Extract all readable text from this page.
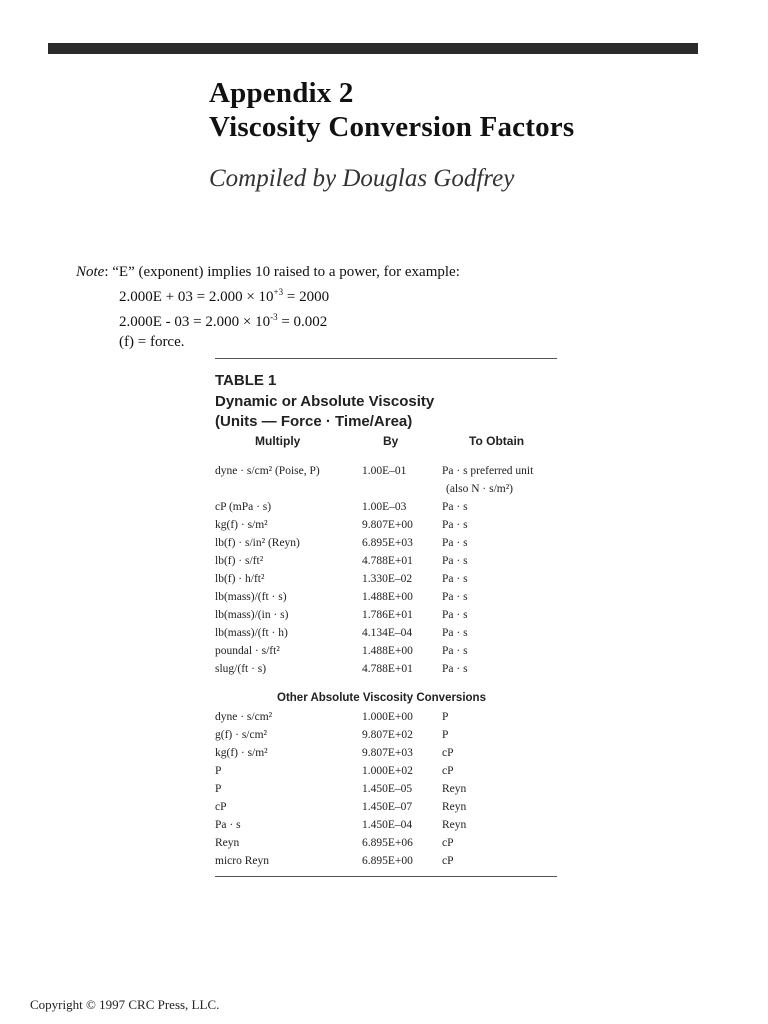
Appendix 2
Viscosity Conversion Factors
Compiled by Douglas Godfrey
Note: “E” (exponent) implies 10 raised to a power, for example:
$2.000E + 03 = 2.000 \times 10^{+3} = 2000$
$2.000E - 03 = 2.000 \times 10^{-3} = 0.002$
(f) = force.
TABLE 1
Dynamic or Absolute Viscosity
(Units — Force · Time/Area)
Multiply	By	To Obtain
dyne · s/cm² (Poise, P)	1.00E–01	Pa · s preferred unit
(also N · s/m²)
cP (mPa · s)	1.00E–03	Pa · s
kg(f) · s/m²	9.807E+00	Pa · s
lb(f) · s/in² (Reyn)	6.895E+03	Pa · s
lb(f) · s/ft²	4.788E+01	Pa · s
lb(f) · h/ft²	1.330E–02	Pa · s
lb(mass)/(ft · s)	1.488E+00	Pa · s
lb(mass)/(in · s)	1.786E+01	Pa · s
lb(mass)/(ft · h)	4.134E–04	Pa · s
poundal · s/ft²	1.488E+00	Pa · s
slug/(ft · s)	4.788E+01	Pa · s
Other Absolute Viscosity Conversions
dyne · s/cm²	1.000E+00	P
g(f) · s/cm²	9.807E+02	P
kg(f) · s/m²	9.807E+03	cP
P	1.000E+02	cP
P	1.450E–05	Reyn
cP	1.450E–07	Reyn
Pa · s	1.450E–04	Reyn
Reyn	6.895E+06	cP
micro Reyn	6.895E+00	cP
Copyright © 1997 CRC Press, LLC.
